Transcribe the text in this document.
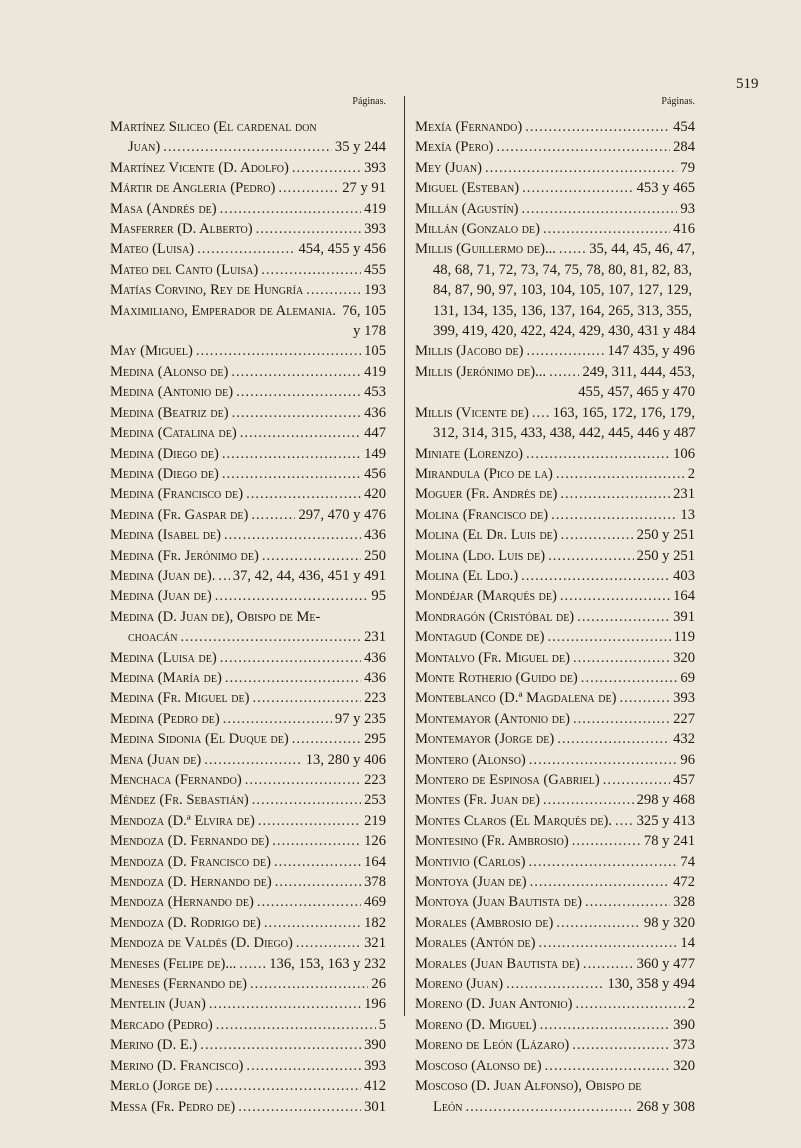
519
Páginas.
Martínez Siliceo (El cardenal don
Juan) .....	35 y 244
Martínez Vicente (D. Adolfo) .....	393
Mártir de Angleria (Pedro) .....	27 y 91
Masa (Andrés de) .....	419
Masferrer (D. Alberto) .....	393
Mateo (Luisa) .....	454, 455 y 456
Mateo del Canto (Luisa) .....	455
Matías Corvino, Rey de Hungría .....	193
Maximiliano, Emperador de Alemania. ..... 76, 105
y 178
May (Miguel) .....	105
Medina (Alonso de) .....	419
Medina (Antonio de) .....	453
Medina (Beatriz de) .....	436
Medina (Catalina de) .....	447
Medina (Diego de) .....	149
Medina (Diego de) .....	456
Medina (Francisco de) .....	420
Medina (Fr. Gaspar de) .....	297, 470 y 476
Medina (Isabel de) .....	436
Medina (Fr. Jerónimo de) .....	250
Medina (Juan de). ..... 37, 42, 44, 436, 451 y 491
Medina (Juan de) .....	95
Medina (D. Juan de), Obispo de Me-
choacán .....	231
Medina (Luisa de) .....	436
Medina (María de) .....	436
Medina (Fr. Miguel de) .....	223
Medina (Pedro de) .....	97 y 235
Medina Sidonia (El Duque de) .....	295
Mena (Juan de) .....	13, 280 y 406
Menchaca (Fernando) .....	223
Méndez (Fr. Sebastián) .....	253
Mendoza (D.ª Elvira de) .....	219
Mendoza (D. Fernando de) .....	126
Mendoza (D. Francisco de) .....	164
Mendoza (D. Hernando de) .....	378
Mendoza (Hernando de) .....	469
Mendoza (D. Rodrigo de) .....	182
Mendoza de Valdés (D. Diego) .....	321
Meneses (Felipe de)... ..... 136, 153, 163 y 232
Meneses (Fernando de) .....	26
Mentelin (Juan) .....	196
Mercado (Pedro) .....	5
Merino (D. E.) .....	390
Merino (D. Francisco) .....	393
Merlo (Jorge de) .....	412
Messa (Fr. Pedro de) .....	301
Páginas.
Mexía (Fernando) .....	454
Mexía (Pero) .....	284
Mey (Juan) .....	79
Miguel (Esteban) .....	453 y 465
Millán (Agustín) .....	93
Millán (Gonzalo de) .....	416
Millis (Guillermo de)... ..... 35, 44, 45, 46, 47,
48, 68, 71, 72, 73, 74, 75, 78, 80, 81, 82, 83,
84, 87, 90, 97, 103, 104, 105, 107, 127, 129,
131, 134, 135, 136, 137, 164, 265, 313, 355,
399, 419, 420, 422, 424, 429, 430, 431 y 484
Millis (Jacobo de) .....	147 435, y 496
Millis (Jerónimo de)... ..... 249, 311, 444, 453,
455, 457, 465 y 470
Millis (Vicente de) ..... 163, 165, 172, 176, 179,
312, 314, 315, 433, 438, 442, 445, 446 y 487
Miniate (Lorenzo) .....	106
Mirandula (Pico de la) .....	2
Moguer (Fr. Andrés de) .....	231
Molina (Francisco de) .....	13
Molina (El Dr. Luis de) .....	250 y 251
Molina (Ldo. Luis de) .....	250 y 251
Molina (El Ldo.) .....	403
Mondéjar (Marqués de) .....	164
Mondragón (Cristóbal de) .....	391
Montagud (Conde de) .....	119
Montalvo (Fr. Miguel de) .....	320
Monte Rotherio (Guido de) .....	69
Monteblanco (D.ª Magdalena de) .....	393
Montemayor (Antonio de) .....	227
Montemayor (Jorge de) .....	432
Montero (Alonso) .....	96
Montero de Espinosa (Gabriel) .....	457
Montes (Fr. Juan de) .....	298 y 468
Montes Claros (El Marqués de). ..... 325 y 413
Montesino (Fr. Ambrosio) .....	78 y 241
Montivio (Carlos) .....	74
Montoya (Juan de) .....	472
Montoya (Juan Bautista de) .....	328
Morales (Ambrosio de) .....	98 y 320
Morales (Antón de) .....	14
Morales (Juan Bautista de) .....	360 y 477
Moreno (Juan) .....	130, 358 y 494
Moreno (D. Juan Antonio) .....	2
Moreno (D. Miguel) .....	390
Moreno de León (Lázaro) .....	373
Moscoso (Alonso de) .....	320
Moscoso (D. Juan Alfonso), Obispo de
León .....	268 y 308
